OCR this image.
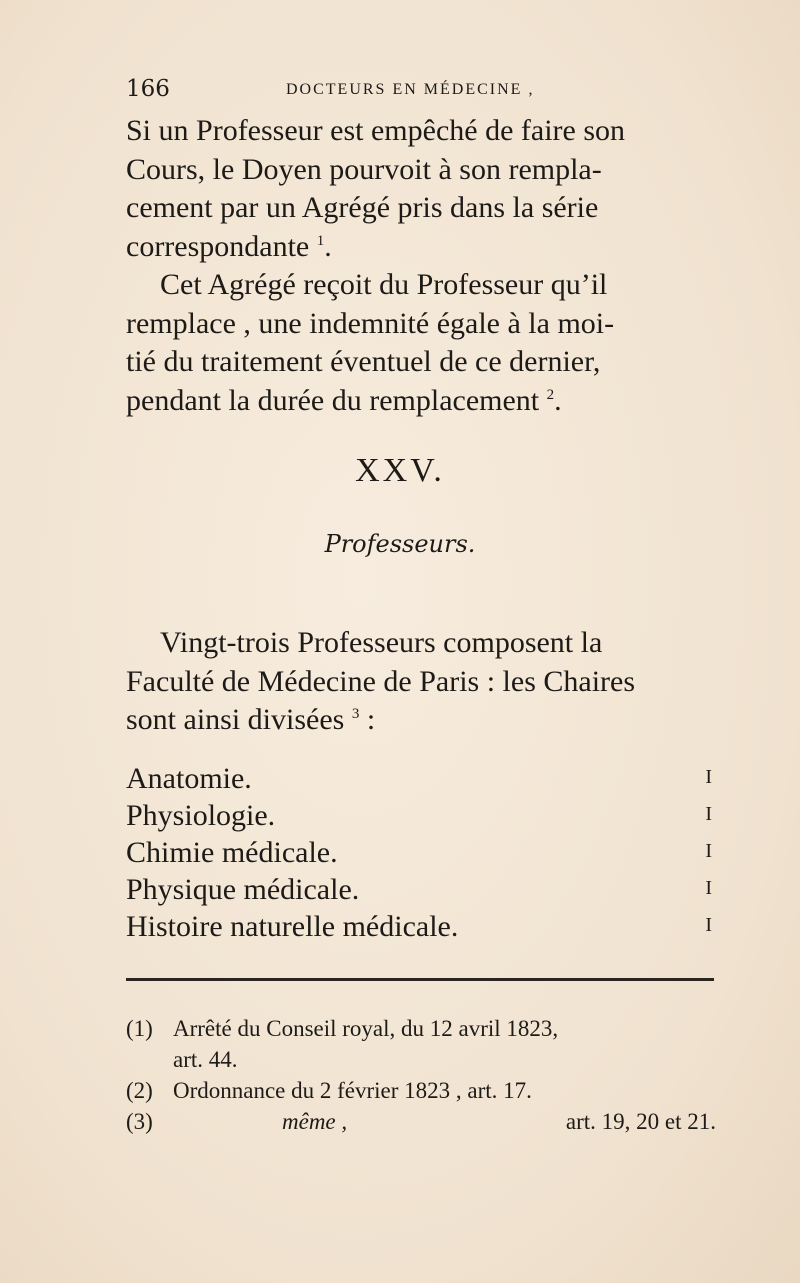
166	DOCTEURS EN MÉDECINE ,
Si un Professeur est empêché de faire son
Cours, le Doyen pourvoit à son rempla-
cement par un Agrégé pris dans la série
correspondante $^1$.
Cet Agrégé reçoit du Professeur qu’il
remplace , une indemnité égale à la moi-
tié du traitement éventuel de ce dernier,
pendant la durée du remplacement $^2$.
XXV.
Professeurs.
Vingt-trois Professeurs composent la
Faculté de Médecine de Paris : les Chaires
sont ainsi divisées $^3$ :
Anatomie.	I
Physiologie.	I
Chimie médicale.	I
Physique médicale.	I
Histoire naturelle médicale.	I
(1) Arrêté du Conseil royal, du 12 avril 1823,
art. 44.
(2) Ordonnance du 2 février 1823 , art. 17.
(3)	même ,	art. 19, 20 et 21.
